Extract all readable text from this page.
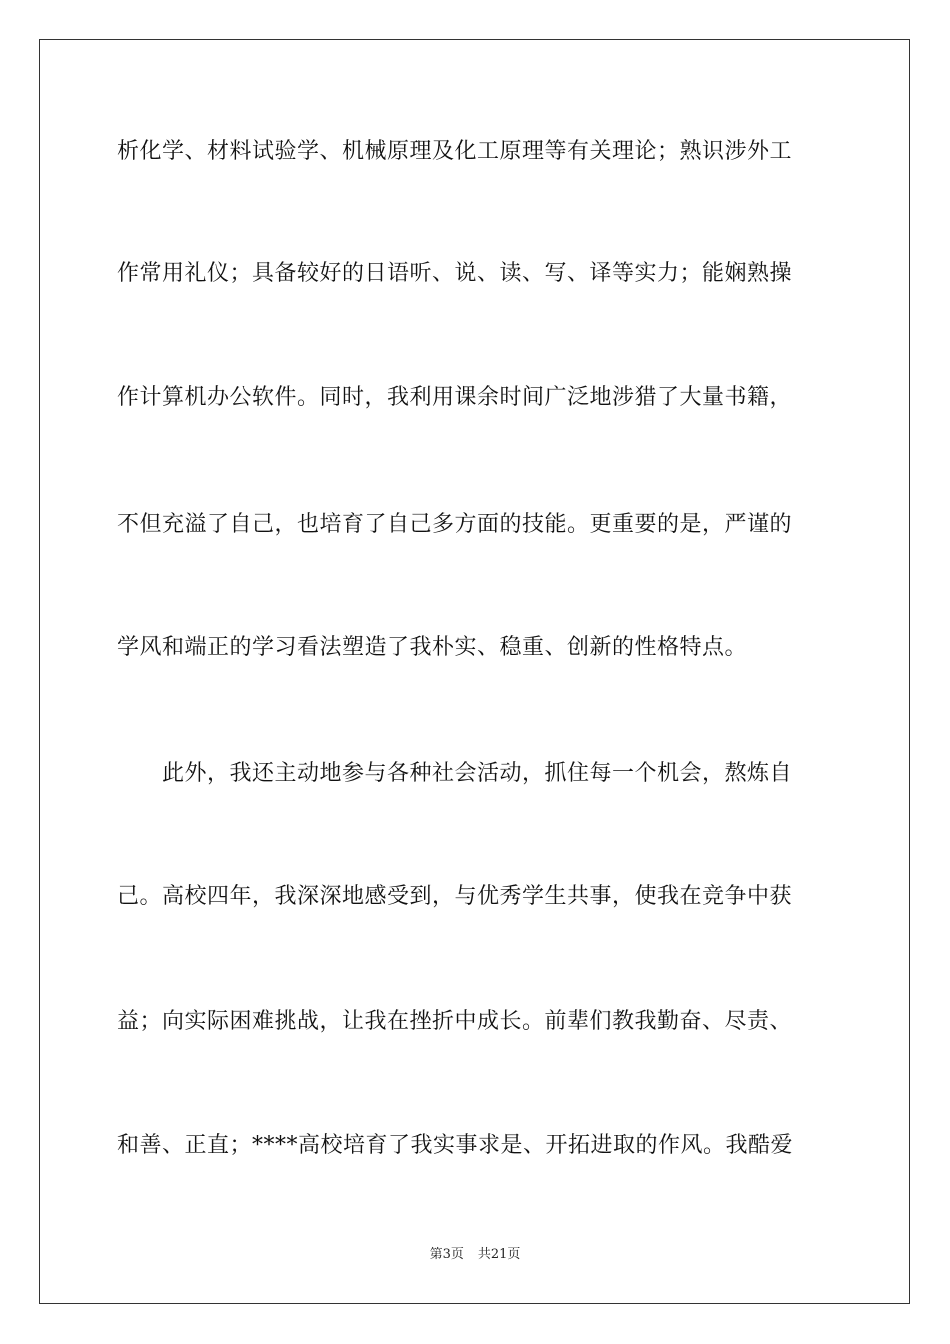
析化学、材料试验学、机械原理及化工原理等有关理论；熟识涉外工
作常用礼仪；具备较好的日语听、说、读、写、译等实力；能娴熟操
作计算机办公软件。同时，我利用课余时间广泛地涉猎了大量书籍，
不但充溢了自己，也培育了自己多方面的技能。更重要的是，严谨的
学风和端正的学习看法塑造了我朴实、稳重、创新的性格特点。
　　此外，我还主动地参与各种社会活动，抓住每一个机会，熬炼自
己。高校四年，我深深地感受到，与优秀学生共事，使我在竞争中获
益；向实际困难挑战，让我在挫折中成长。前辈们教我勤奋、尽责、
和善、正直；****高校培育了我实事求是、开拓进取的作风。我酷爱
第3页 共21页
